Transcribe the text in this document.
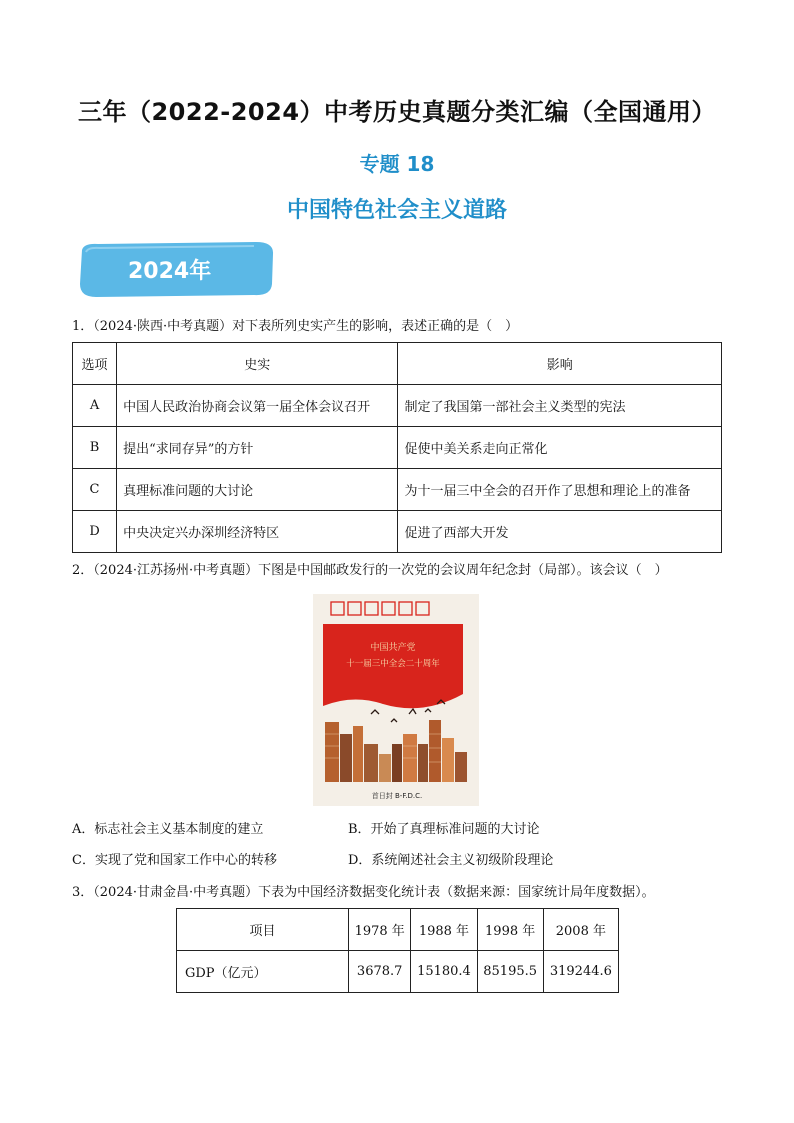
三年（2022-2024）中考历史真题分类汇编（全国通用）
专题 18
中国特色社会主义道路
2024年
1．（2024·陕西·中考真题）对下表所列史实产生的影响，表述正确的是（　）
选项	史实	影响
A	中国人民政治协商会议第一届全体会议召开	制定了我国第一部社会主义类型的宪法
B	提出“求同存异”的方针	促使中美关系走向正常化
C	真理标准问题的大讨论	为十一届三中全会的召开作了思想和理论上的准备
D	中央决定兴办深圳经济特区	促进了西部大开发
2．（2024·江苏扬州·中考真题）下图是中国邮政发行的一次党的会议周年纪念封（局部）。该会议（　）
中国共产党
十一届三中全会二十周年
首日封 B-F.D.C.
A．标志社会主义基本制度的建立	B．开始了真理标准问题的大讨论
C．实现了党和国家工作中心的转移	D．系统阐述社会主义初级阶段理论
3．（2024·甘肃金昌·中考真题）下表为中国经济数据变化统计表（数据来源：国家统计局年度数据）。
项目	1978 年	1988 年	1998 年	2008 年
GDP（亿元）	3678.7	15180.4	85195.5	319244.6
